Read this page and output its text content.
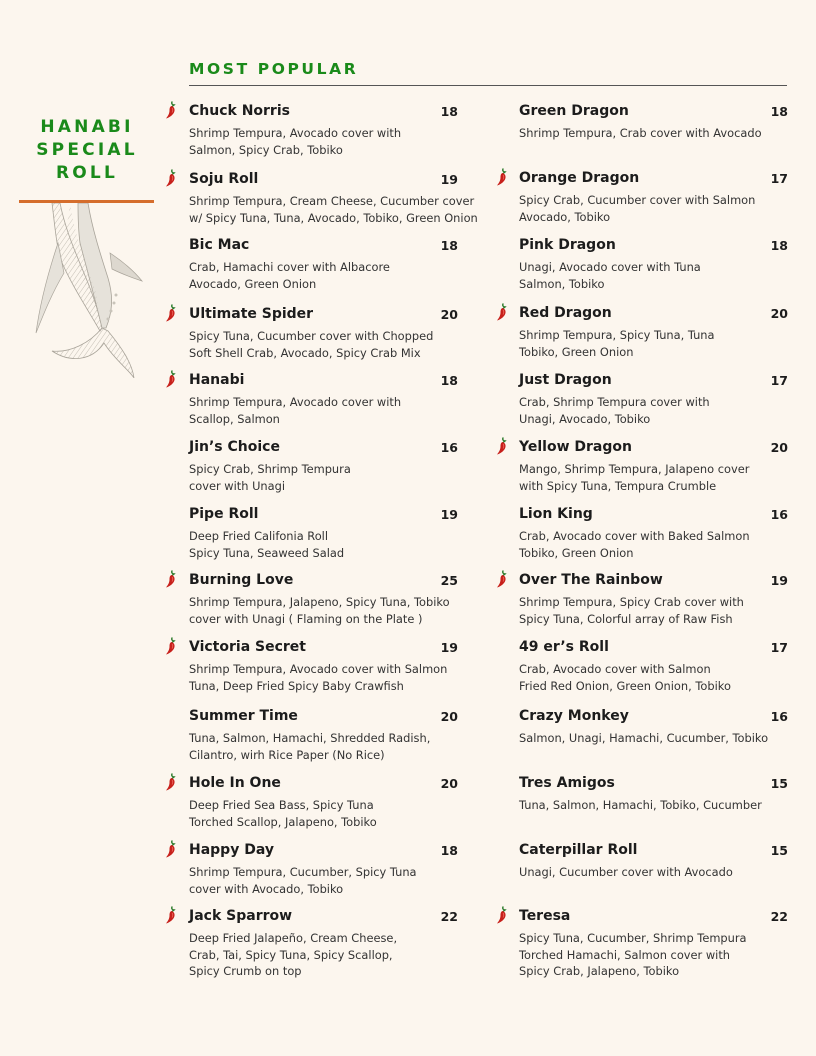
HANABI
SPECIAL
ROLL
MOST POPULAR
Chuck Norris	18
Shrimp Tempura, Avocado cover with
Salmon, Spicy Crab, Tobiko
Soju Roll	19
Shrimp Tempura, Cream Cheese, Cucumber cover
w/ Spicy Tuna, Tuna, Avocado, Tobiko, Green Onion
Bic Mac	18
Crab, Hamachi cover with Albacore
Avocado, Green Onion
Ultimate Spider	20
Spicy Tuna, Cucumber cover with Chopped
Soft Shell Crab, Avocado, Spicy Crab Mix
Hanabi	18
Shrimp Tempura, Avocado cover with
Scallop, Salmon
Jin’s Choice	16
Spicy Crab, Shrimp Tempura
cover with Unagi
Pipe Roll	19
Deep Fried Califonia Roll
Spicy Tuna, Seaweed Salad
Burning Love	25
Shrimp Tempura, Jalapeno, Spicy Tuna, Tobiko
cover with Unagi ( Flaming on the Plate )
Victoria Secret	19
Shrimp Tempura, Avocado cover with Salmon
Tuna, Deep Fried Spicy Baby Crawfish
Summer Time	20
Tuna, Salmon, Hamachi, Shredded Radish,
Cilantro, wirh Rice Paper (No Rice)
Hole In One	20
Deep Fried Sea Bass, Spicy Tuna
Torched Scallop, Jalapeno, Tobiko
Happy Day	18
Shrimp Tempura, Cucumber, Spicy Tuna
cover with Avocado, Tobiko
Jack Sparrow	22
Deep Fried Jalapeño, Cream Cheese,
Crab, Tai, Spicy Tuna, Spicy Scallop,
Spicy Crumb on top
Green Dragon	18
Shrimp Tempura, Crab cover with Avocado
Orange Dragon	17
Spicy Crab, Cucumber cover with Salmon
Avocado, Tobiko
Pink Dragon	18
Unagi, Avocado cover with Tuna
Salmon, Tobiko
Red Dragon	20
Shrimp Tempura, Spicy Tuna, Tuna
Tobiko, Green Onion
Just Dragon	17
Crab, Shrimp Tempura cover with
Unagi, Avocado, Tobiko
Yellow Dragon	20
Mango, Shrimp Tempura, Jalapeno cover
with Spicy Tuna, Tempura Crumble
Lion King	16
Crab, Avocado cover with Baked Salmon
Tobiko, Green Onion
Over The Rainbow	19
Shrimp Tempura, Spicy Crab cover with
Spicy Tuna, Colorful array of Raw Fish
49 er’s Roll	17
Crab, Avocado cover with Salmon
Fried Red Onion, Green Onion, Tobiko
Crazy Monkey	16
Salmon, Unagi, Hamachi, Cucumber, Tobiko
Tres Amigos	15
Tuna, Salmon, Hamachi, Tobiko, Cucumber
Caterpillar Roll	15
Unagi, Cucumber cover with Avocado
Teresa	22
Spicy Tuna, Cucumber, Shrimp Tempura
Torched Hamachi, Salmon cover with
Spicy Crab, Jalapeno, Tobiko
